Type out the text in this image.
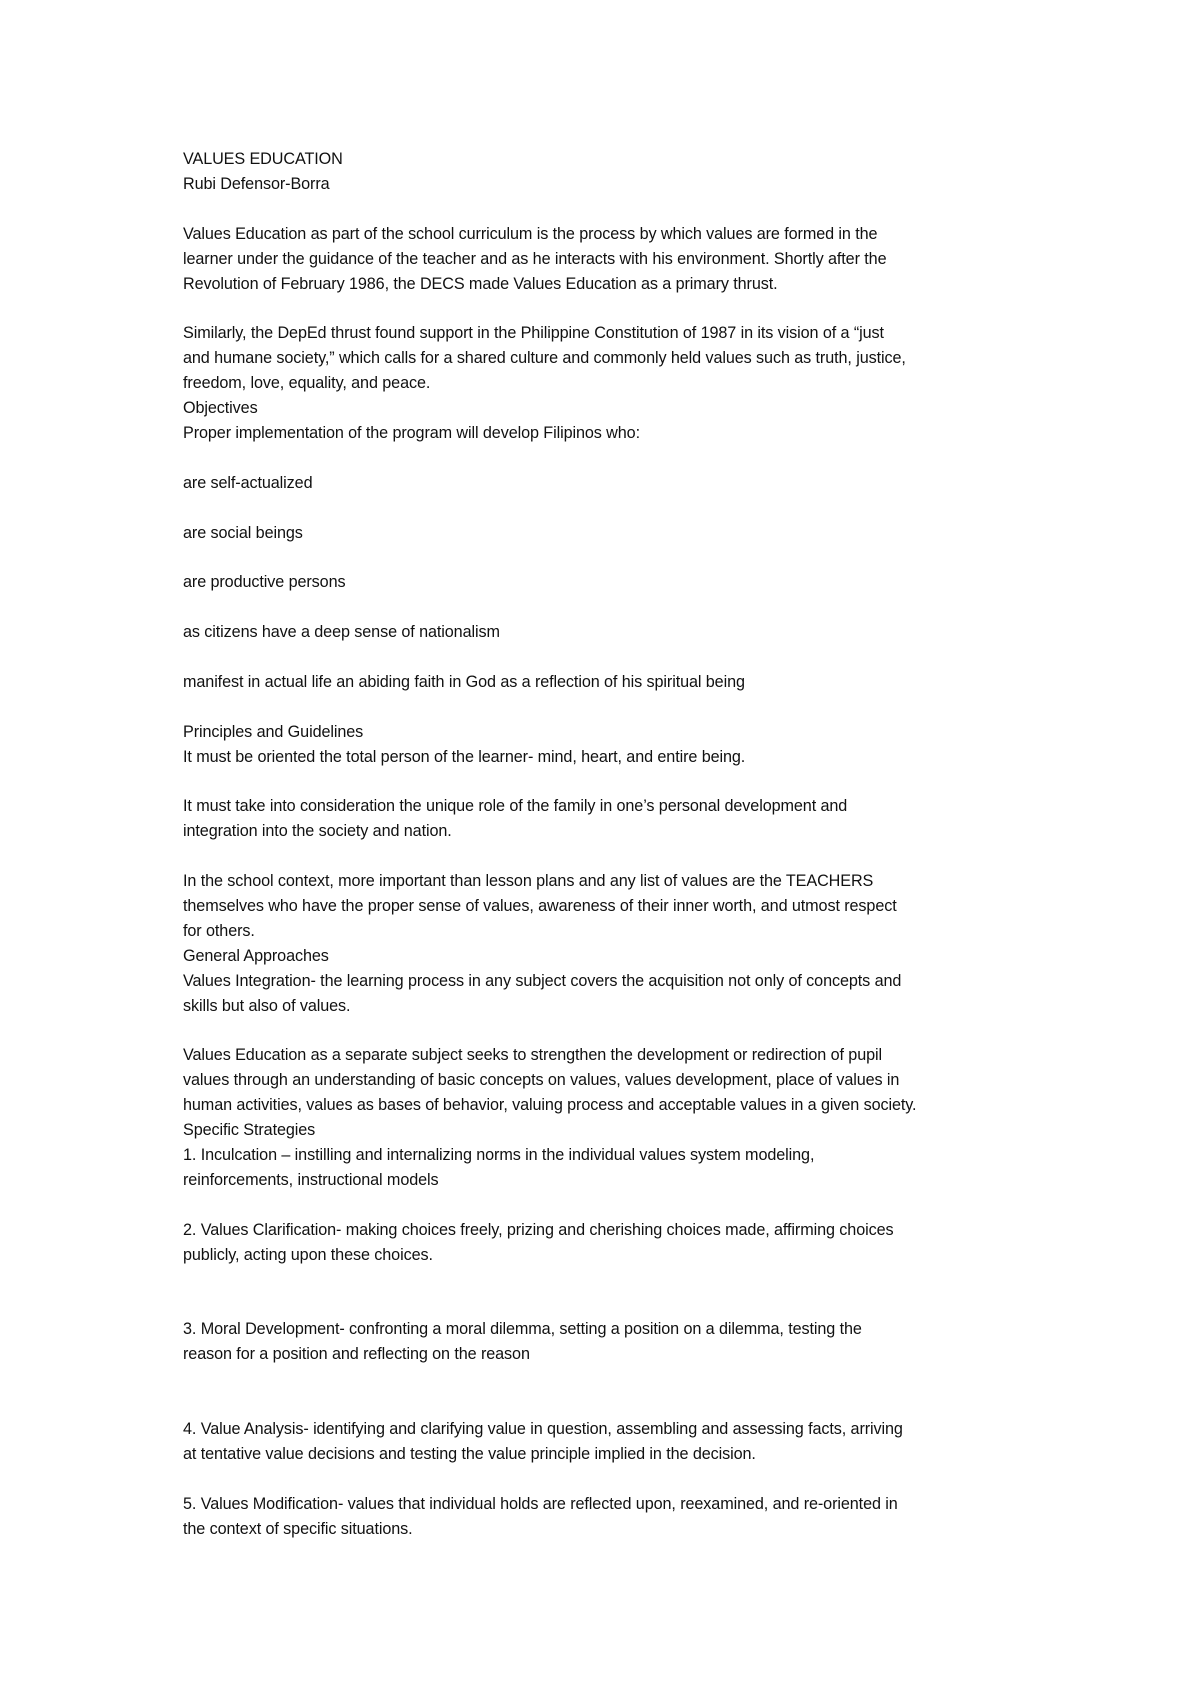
VALUES EDUCATION
Rubi Defensor-Borra
Values Education as part of the school curriculum is the process by which values are formed in the
learner under the guidance of the teacher and as he interacts with his environment. Shortly after the
Revolution of February 1986, the DECS made Values Education as a primary thrust.
Similarly, the DepEd thrust found support in the Philippine Constitution of 1987 in its vision of a “just
and humane society,” which calls for a shared culture and commonly held values such as truth, justice,
freedom, love, equality, and peace.
Objectives
Proper implementation of the program will develop Filipinos who:
are self-actualized
are social beings
are productive persons
as citizens have a deep sense of nationalism
manifest in actual life an abiding faith in God as a reflection of his spiritual being
Principles and Guidelines
It must be oriented the total person of the learner- mind, heart, and entire being.
It must take into consideration the unique role of the family in one’s personal development and
integration into the society and nation.
In the school context, more important than lesson plans and any list of values are the TEACHERS
themselves who have the proper sense of values, awareness of their inner worth, and utmost respect
for others.
General Approaches
Values Integration- the learning process in any subject covers the acquisition not only of concepts and
skills but also of values.
Values Education as a separate subject seeks to strengthen the development or redirection of pupil
values through an understanding of basic concepts on values, values development, place of values in
human activities, values as bases of behavior, valuing process and acceptable values in a given society.
Specific Strategies
1. Inculcation – instilling and internalizing norms in the individual values system modeling,
reinforcements, instructional models
2. Values Clarification- making choices freely, prizing and cherishing choices made, affirming choices
publicly, acting upon these choices.
3. Moral Development- confronting a moral dilemma, setting a position on a dilemma, testing the
reason for a position and reflecting on the reason
4. Value Analysis- identifying and clarifying value in question, assembling and assessing facts, arriving
at tentative value decisions and testing the value principle implied in the decision.
5. Values Modification- values that individual holds are reflected upon, reexamined, and re-oriented in
the context of specific situations.
